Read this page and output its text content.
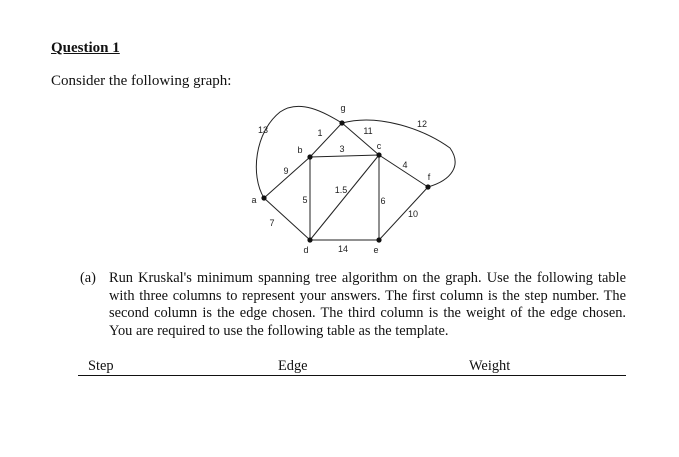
Question 1

Consider the following graph:

13	1	11
12
3
9
4
5
1.5
6
10
7
14
a
b	c
d	e
f
g
(a) Run Kruskal's minimum spanning tree algorithm on the graph. Use the following table with three columns to represent your answers. The first column is the step number. The second column is the edge chosen. The third column is the weight of the edge chosen. You are required to use the following table as the template.
Step	Edge	Weight
